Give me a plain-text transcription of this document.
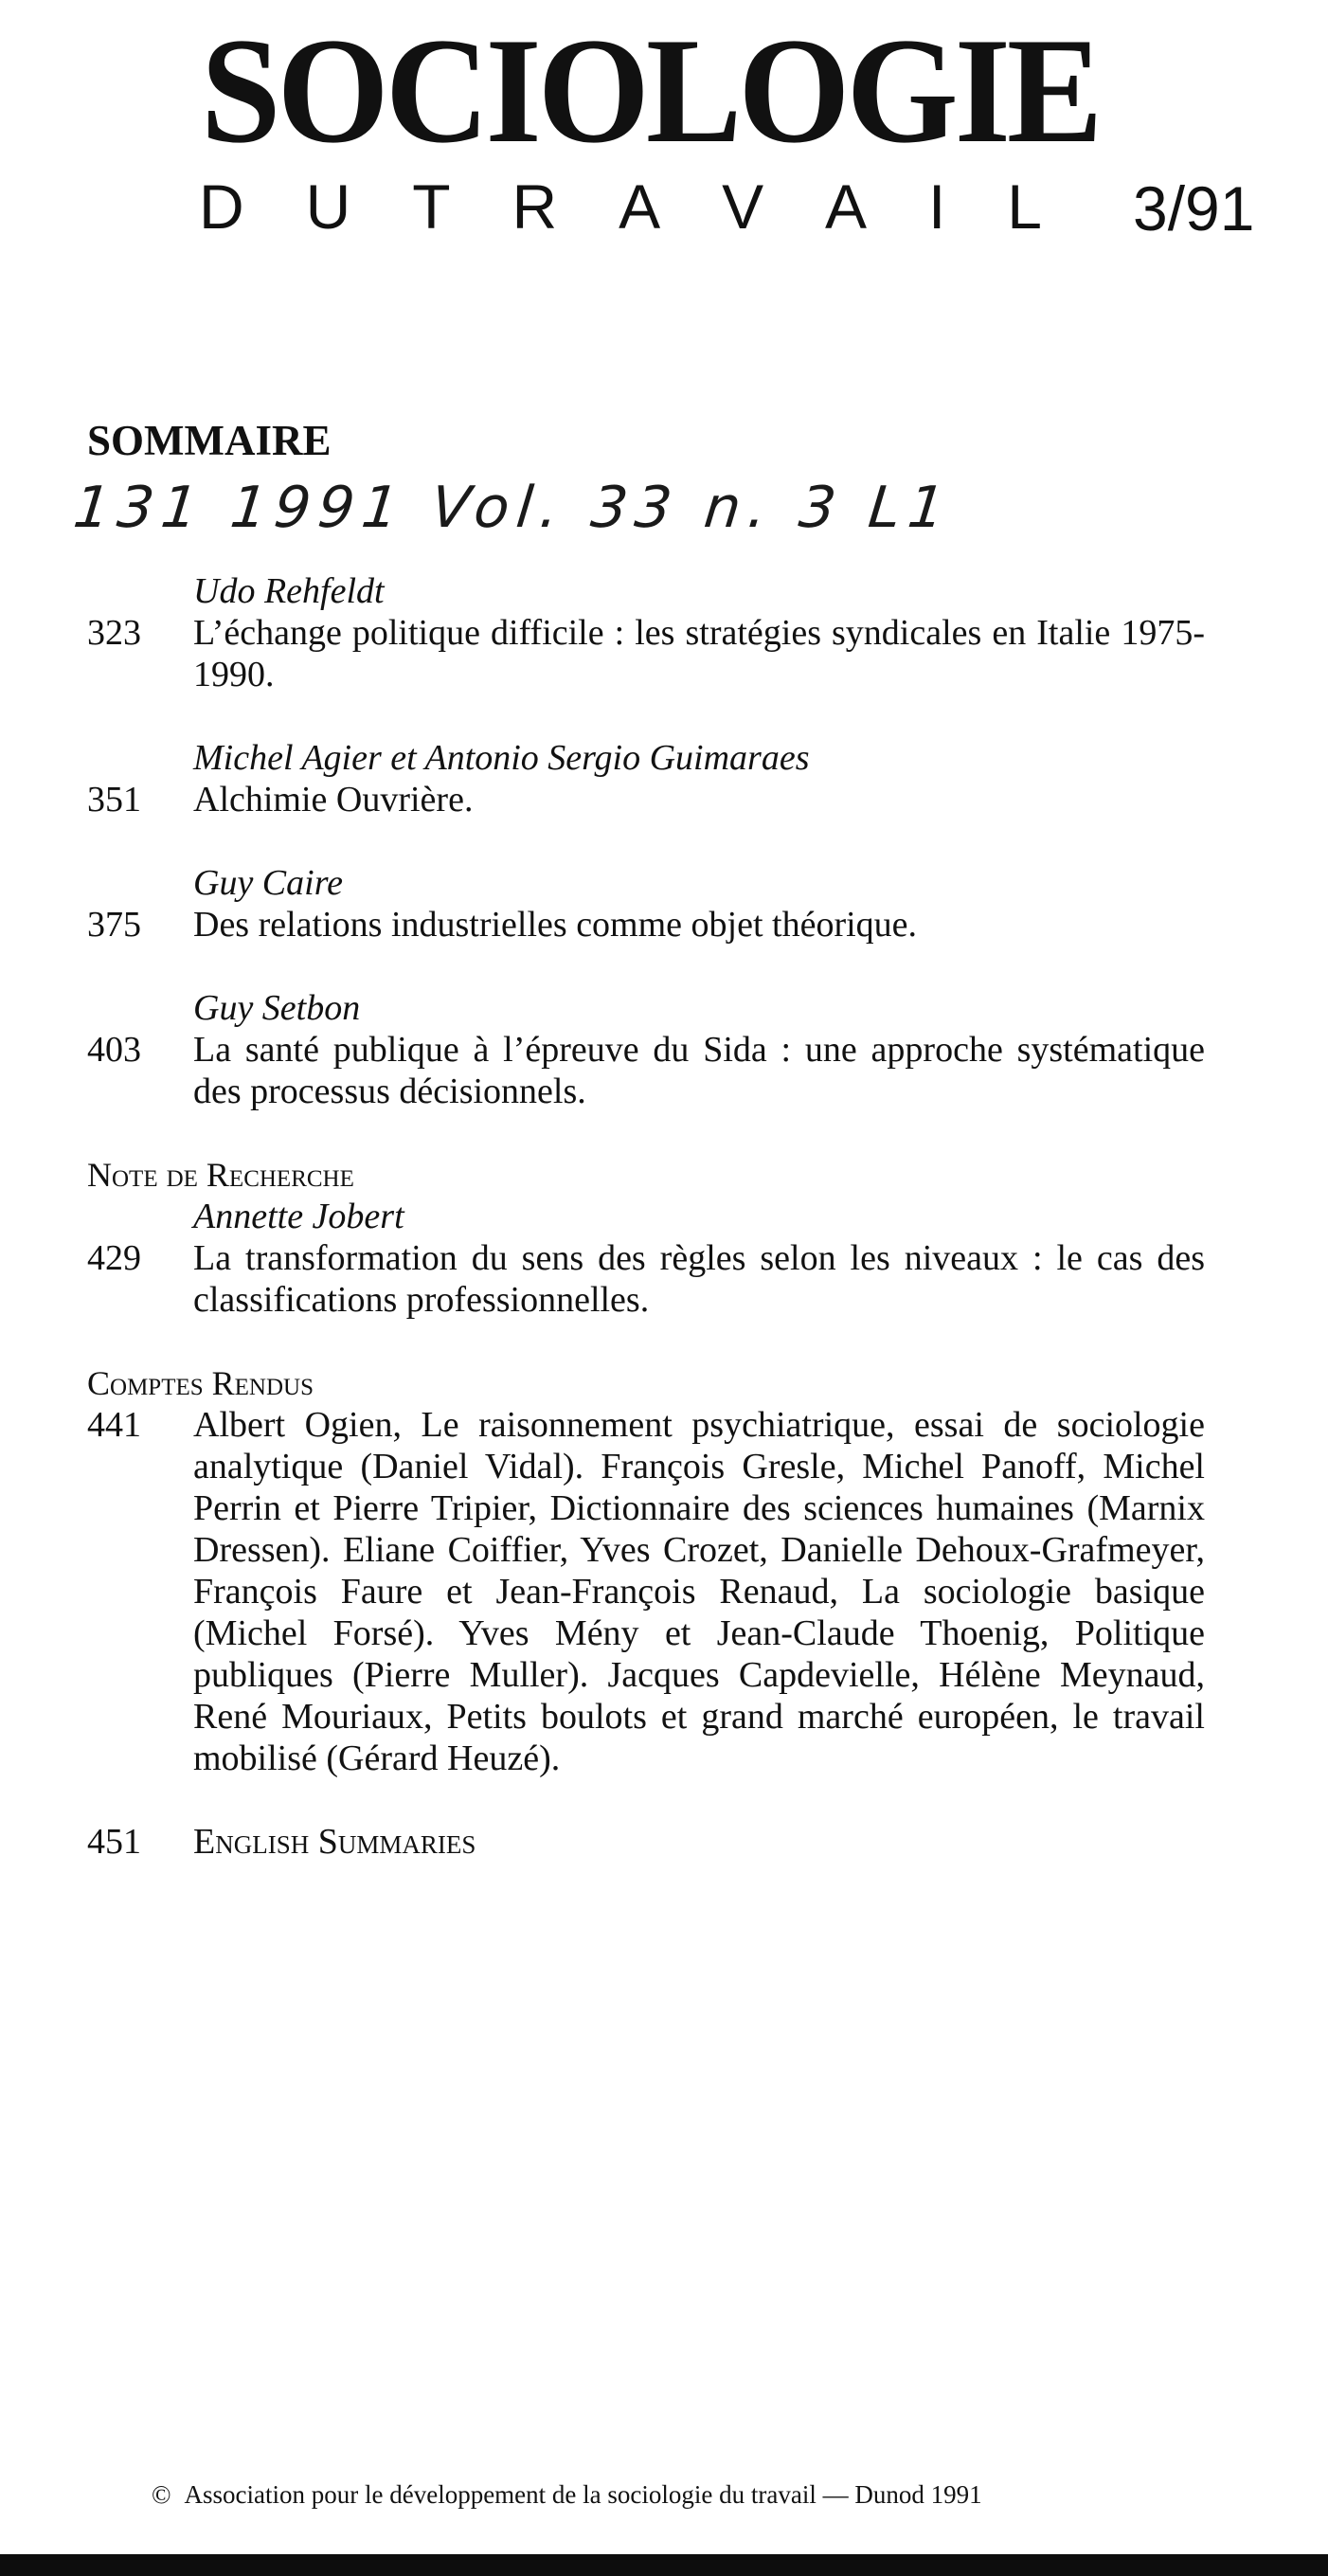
SOCIOLOGIE
D U T R A V A I L 3/91
SOMMAIRE
131 1991 Vol. 33 n. 3 L1
Udo Rehfeldt
323	L’échange politique difficile : les stratégies syndicales en Italie 1975-1990.
Michel Agier et Antonio Sergio Guimaraes
351	Alchimie Ouvrière.
Guy Caire
375	Des relations industrielles comme objet théorique.
Guy Setbon
403	La santé publique à l’épreuve du Sida : une approche systématique des processus décisionnels.
Note de Recherche
Annette Jobert
429	La transformation du sens des règles selon les niveaux : le cas des classifications professionnelles.
Comptes Rendus
441	Albert Ogien, Le raisonnement psychiatrique, essai de sociologie analytique (Daniel Vidal). François Gresle, Michel Panoff, Michel Perrin et Pierre Tripier, Dictionnaire des sciences humaines (Marnix Dressen). Eliane Coiffier, Yves Crozet, Danielle Dehoux-Grafmeyer, François Faure et Jean-François Renaud, La sociologie basique (Michel Forsé). Yves Mény et Jean-Claude Thoenig, Politique publiques (Pierre Muller). Jacques Capdevielle, Hélène Meynaud, René Mouriaux, Petits boulots et grand marché européen, le travail mobilisé (Gérard Heuzé).
451	English Summaries
© Association pour le développement de la sociologie du travail — Dunod 1991
